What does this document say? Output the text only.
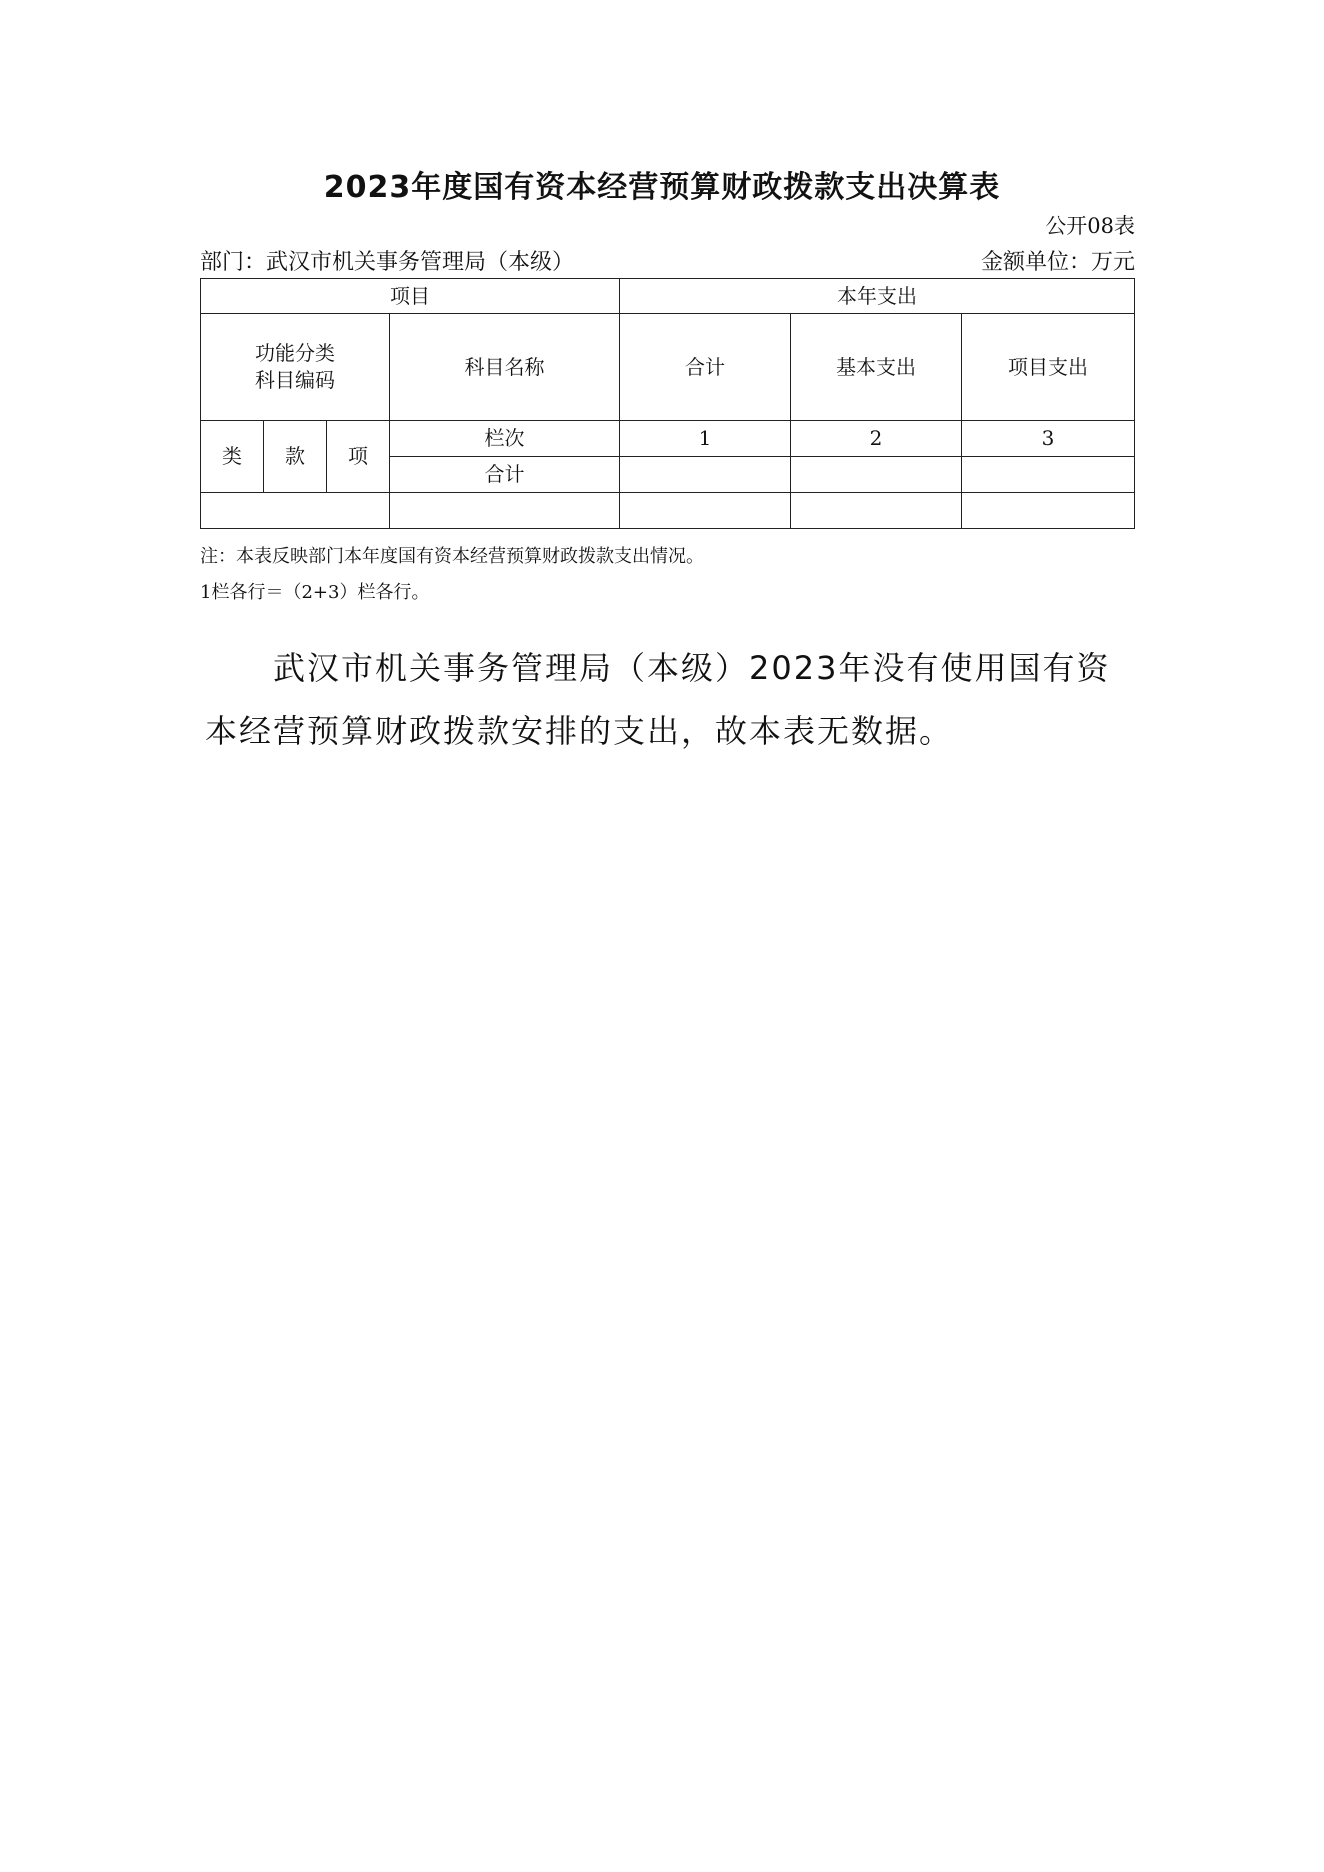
2023年度国有资本经营预算财政拨款支出决算表
公开08表
部门：武汉市机关事务管理局（本级）	金额单位：万元
项目				本年支出		

功能分类
科目编码			科目名称	合计	基本支出	项目支出
类	款	项	栏次	1	2	3
			合计			

注：本表反映部门本年度国有资本经营预算财政拨款支出情况。
1栏各行＝（2+3）栏各行。

武汉市机关事务管理局（本级）2023年没有使用国有资本经营预算财政拨款安排的支出，故本表无数据。
